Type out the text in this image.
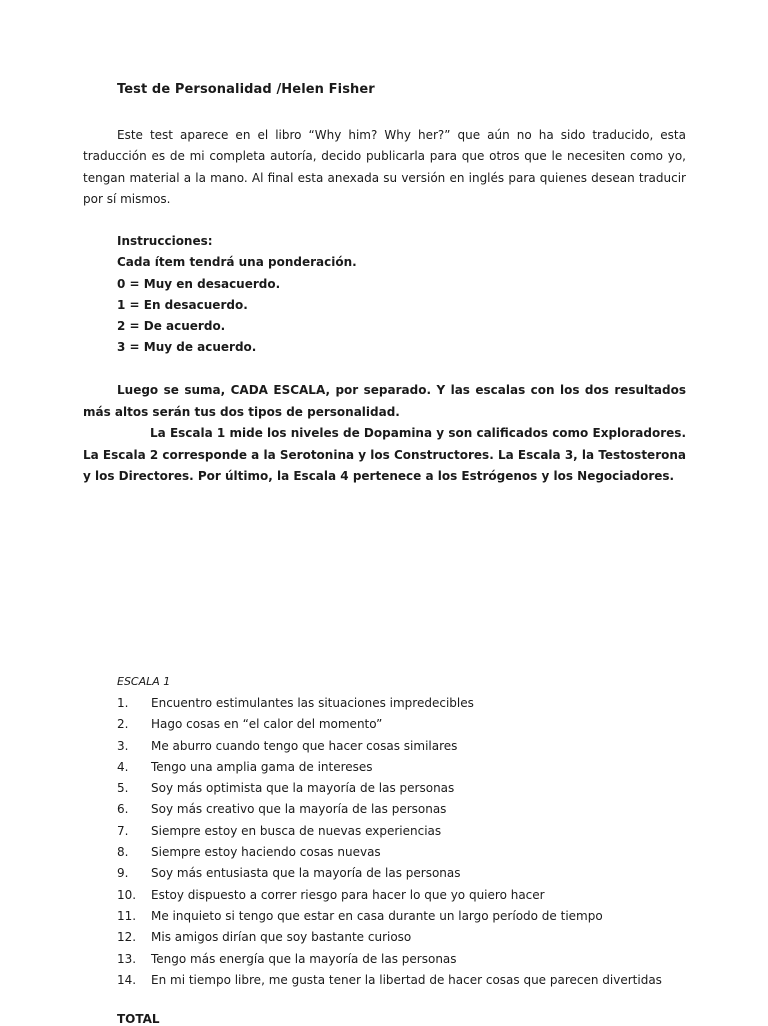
Test de Personalidad /Helen Fisher

Este test aparece en el libro “Why him? Why her?” que aún no ha sido traducido, esta traducción es de mi completa autoría, decido publicarla para que otros que le necesiten como yo, tengan material a la mano. Al final esta anexada su versión en inglés para quienes desean traducir por sí mismos.

Instrucciones:
Cada ítem tendrá una ponderación.
0 = Muy en desacuerdo.
1 = En desacuerdo.
2 = De acuerdo.
3 = Muy de acuerdo.

Luego se suma, CADA ESCALA, por separado. Y las escalas con los dos resultados más altos serán tus dos tipos de personalidad.
La Escala 1 mide los niveles de Dopamina y son calificados como Exploradores. La Escala 2 corresponde a la Serotonina y los Constructores. La Escala 3, la Testosterona y los Directores. Por último, la Escala 4 pertenece a los Estrógenos y los Negociadores.

ESCALA 1
1. Encuentro estimulantes las situaciones impredecibles
2. Hago cosas en “el calor del momento”
3. Me aburro cuando tengo que hacer cosas similares
4. Tengo una amplia gama de intereses
5. Soy más optimista que la mayoría de las personas
6. Soy más creativo que la mayoría de las personas
7. Siempre estoy en busca de nuevas experiencias
8. Siempre estoy haciendo cosas nuevas
9. Soy más entusiasta que la mayoría de las personas
10. Estoy dispuesto a correr riesgo para hacer lo que yo quiero hacer
11. Me inquieto si tengo que estar en casa durante un largo período de tiempo
12. Mis amigos dirían que soy bastante curioso
13. Tengo más energía que la mayoría de las personas
14. En mi tiempo libre, me gusta tener la libertad de hacer cosas que parecen divertidas
TOTAL
